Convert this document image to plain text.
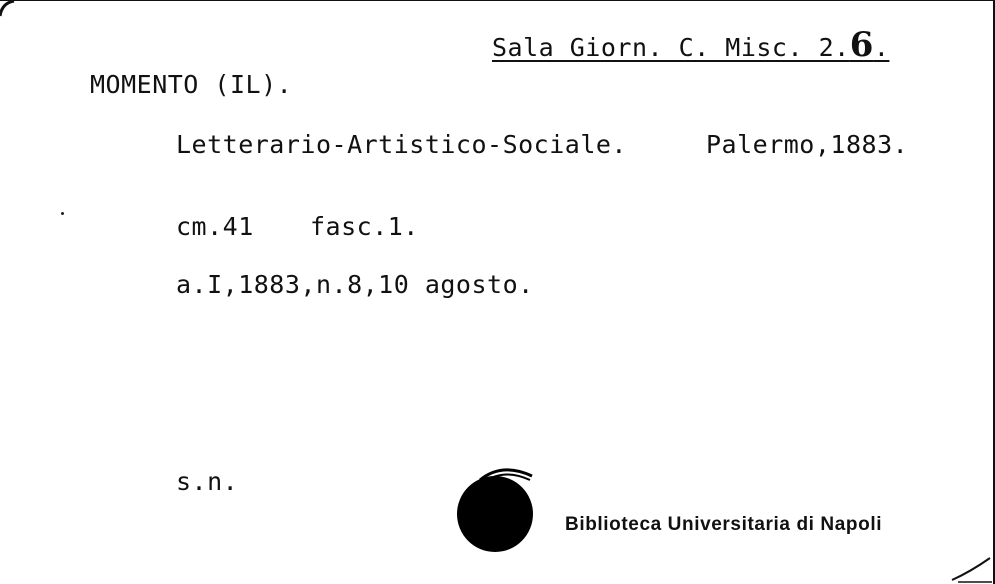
Sala Giorn. C. Misc. 2.6.
MOMENTO (IL).
Letterario-Artistico-Sociale.	Palermo,1883.
cm.41 fasc.1.
a.I,1883,n.8,10 agosto.
s.n.
Biblioteca Universitaria di Napoli
